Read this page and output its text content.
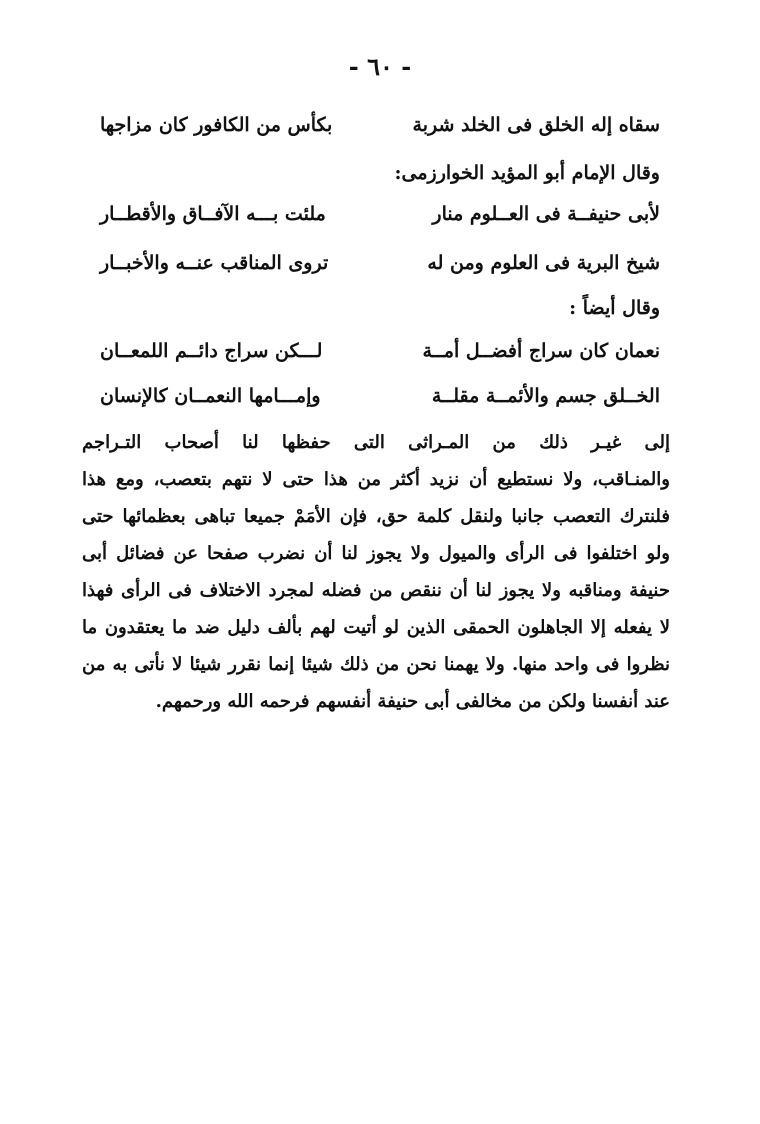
- ٦٠ -
سقاه إله الخلق فى الخلد شربة
بكأس من الكافور كان مزاجها
وقال الإمام أبو المؤيد الخوارزمى:
لأبى حنيفــة فى العــلوم منار
ملئت بـــه الآفــاق والأقطــار
شيخ البرية فى العلوم ومن له
تروى المناقب عنــه والأخبــار
وقال أيضاً :
نعمان كان سراج أفضــل أمــة
لـــكن سراج دائــم اللمعــان
الخــلق جسم والأئمــة مقلــة
وإمـــامها النعمــان كالإنسان
إلى غيـر ذلك من المـراثى التى حفظها لنا أصحاب التـراجم
والمنـاقب، ولا نستطيع أن نزيد أكثر من هذا حتى لا نتهم بتعصب، ومع هذا
فلنترك التعصب جانبا ولنقل كلمة حق، فإن الأمَمْ جميعا تباهى بعظمائها حتى
ولو اختلفوا فى الرأى والميول ولا يجوز لنا أن نضرب صفحا عن فضائل أبى
حنيفة ومناقبه ولا يجوز لنا أن ننقص من فضله لمجرد الاختلاف فى الرأى فهذا
لا يفعله إلا الجاهلون الحمقى الذين لو أتيت لهم بألف دليل ضد ما يعتقدون ما
نظروا فى واحد منها. ولا يهمنا نحن من ذلك شيئا إنما نقرر شيئا لا نأتى به من
عند أنفسنا ولكن من مخالفى أبى حنيفة أنفسهم فرحمه الله ورحمهم.
